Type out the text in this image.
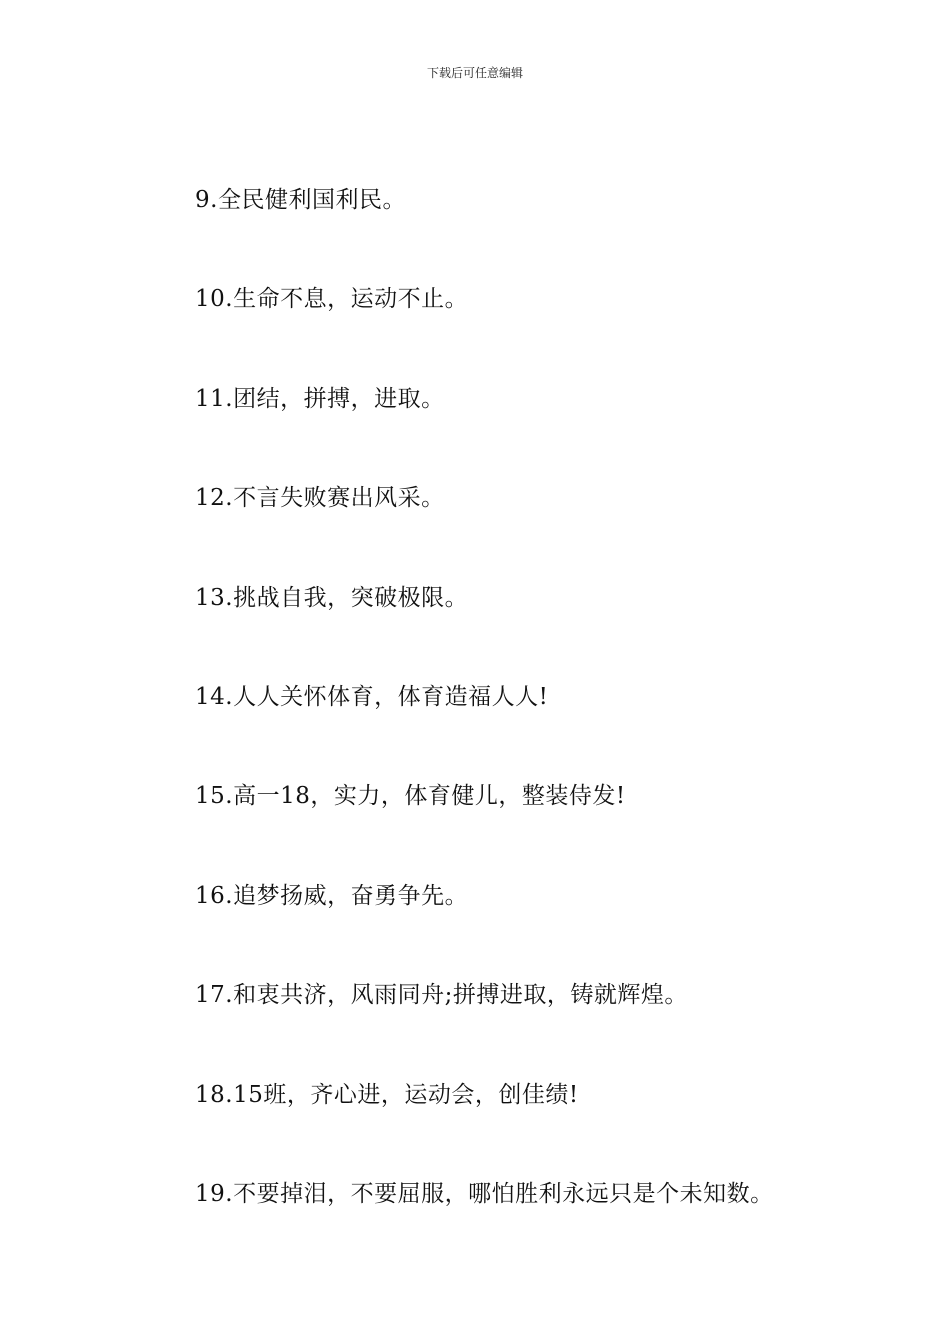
下载后可任意编辑
9.全民健利国利民。
10.生命不息，运动不止。
11.团结，拼搏，进取。
12.不言失败赛出风采。
13.挑战自我，突破极限。
14.人人关怀体育，体育造福人人!
15.高一18，实力，体育健儿，整装侍发!
16.追梦扬威，奋勇争先。
17.和衷共济，风雨同舟;拼搏进取，铸就辉煌。
18.15班，齐心进，运动会，创佳绩!
19.不要掉泪，不要屈服，哪怕胜利永远只是个未知数。
